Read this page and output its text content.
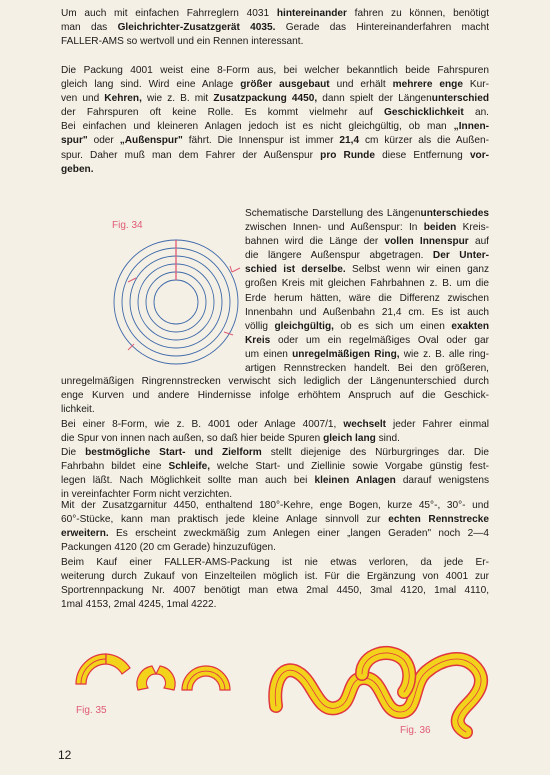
Um auch mit einfachen Fahrreglern 4031 hintereinander fahren zu können, benötigt
man das Gleichrichter-Zusatzgerät 4035. Gerade das Hintereinanderfahren macht
FALLER-AMS so wertvoll und ein Rennen interessant.
Die Packung 4001 weist eine 8-Form aus, bei welcher bekanntlich beide Fahrspuren
gleich lang sind. Wird eine Anlage größer ausgebaut und erhält mehrere enge Kur-
ven und Kehren, wie z. B. mit Zusatzpackung 4450, dann spielt der Längenunterschied
der Fahrspuren oft keine Rolle. Es kommt vielmehr auf Geschicklichkeit an.
Bei einfachen und kleineren Anlagen jedoch ist es nicht gleichgültig, ob man „Innen-
spur" oder „Außenspur" fährt. Die Innenspur ist immer 21,4 cm kürzer als die Außen-
spur. Daher muß man dem Fahrer der Außenspur pro Runde diese Entfernung vor-
geben.
Fig. 34
Schematische Darstellung des Längenunterschiedes
zwischen Innen- und Außenspur: In beiden Kreis-
bahnen wird die Länge der vollen Innenspur auf
die längere Außenspur abgetragen. Der Unter-
schied ist derselbe. Selbst wenn wir einen ganz
großen Kreis mit gleichen Fahrbahnen z. B. um die
Erde herum hätten, wäre die Differenz zwischen
Innenbahn und Außenbahn 21,4 cm. Es ist auch
völlig gleichgültig, ob es sich um einen exakten
Kreis oder um ein regelmäßiges Oval oder gar
um einen unregelmäßigen Ring, wie z. B. alle ring-
artigen Rennstrecken handelt. Bei den größeren,
unregelmäßigen Ringrennstrecken verwischt sich lediglich der Längenunterschied durch
enge Kurven und andere Hindernisse infolge erhöhtem Anspruch auf die Geschick-
lichkeit.
Bei einer 8-Form, wie z. B. 4001 oder Anlage 4007/1, wechselt jeder Fahrer einmal
die Spur von innen nach außen, so daß hier beide Spuren gleich lang sind.
Die bestmögliche Start- und Zielform stellt diejenige des Nürburgringes dar. Die
Fahrbahn bildet eine Schleife, welche Start- und Ziellinie sowie Vorgabe günstig fest-
legen läßt. Nach Möglichkeit sollte man auch bei kleinen Anlagen darauf wenigstens
in vereinfachter Form nicht verzichten.
Mit der Zusatzgarnitur 4450, enthaltend 180°-Kehre, enge Bogen, kurze 45°-, 30°- und
60°-Stücke, kann man praktisch jede kleine Anlage sinnvoll zur echten Rennstrecke
erweitern. Es erscheint zweckmäßig zum Anlegen einer „langen Geraden" noch 2—4
Packungen 4120 (20 cm Gerade) hinzuzufügen.
Beim Kauf einer FALLER-AMS-Packung ist nie etwas verloren, da jede Er-
weiterung durch Zukauf von Einzelteilen möglich ist. Für die Ergänzung von 4001 zur
Sportrennpackung Nr. 4007 benötigt man etwa 2mal 4450, 3mal 4120, 1mal 4110,
1mal 4153, 2mal 4245, 1mal 4222.
Fig. 35
Fig. 36
12
